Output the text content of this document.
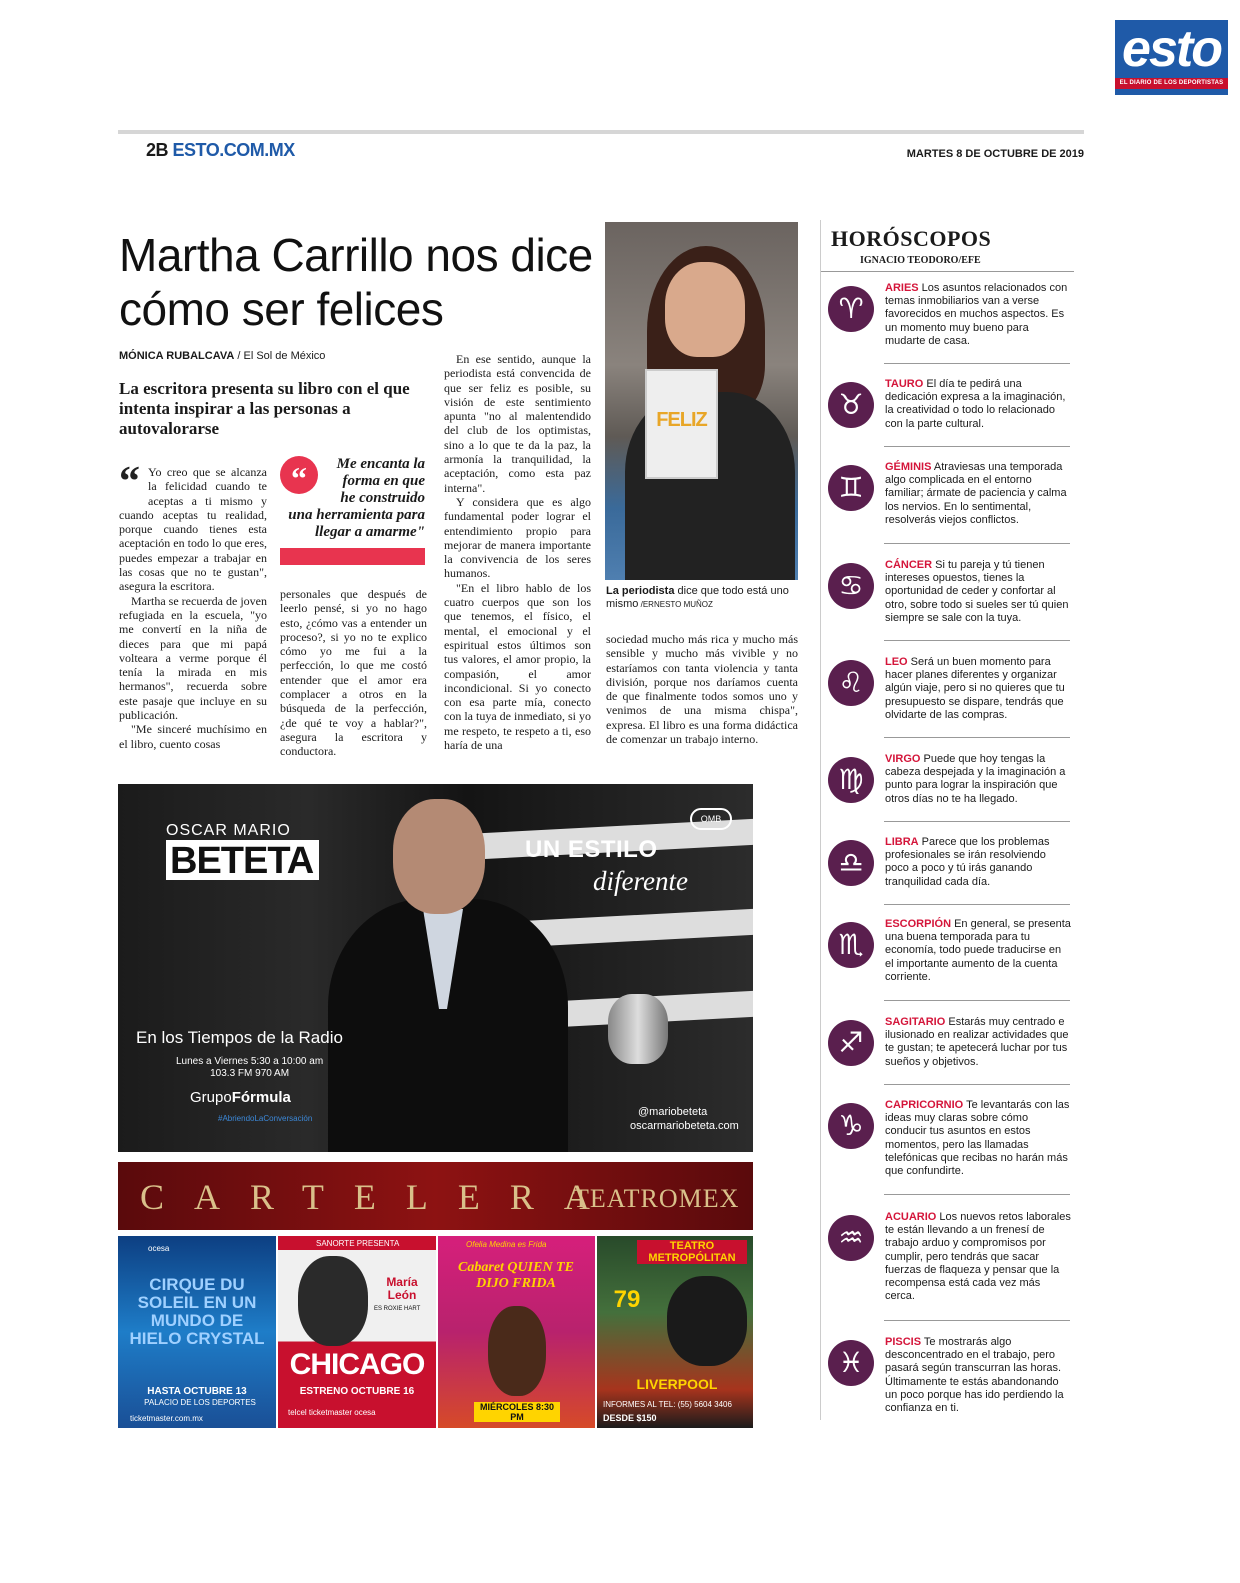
esto
EL DIARIO DE LOS DEPORTISTAS
2B ESTO.COM.MX	MARTES 8 DE OCTUBRE DE 2019
Martha Carrillo nos dice cómo ser felices
MÓNICA RUBALCAVA / El Sol de México
La escritora presenta su libro con el que intenta inspirar a las personas a autovalorarse
“ Yo creo que se alcanza la felicidad cuando te aceptas a ti mismo y cuando aceptas tu realidad, porque cuando tienes esta aceptación en todo lo que eres, puedes empezar a trabajar en las cosas que no te gustan", asegura la escritora.

Martha se recuerda de joven refugiada en la escuela, "yo me convertí en la niña de dieces para que mi papá volteara a verme porque él tenía la mirada en mis hermanos", recuerda sobre este pasaje que incluye en su publicación.

"Me sinceré muchísimo en el libro, cuento cosas

“	Me encanta la forma en que he construido una herramienta para llegar a amarme"

personales que después de leerlo pensé, si yo no hago esto, ¿cómo vas a entender un proceso?, si yo no te explico cómo yo me fui a la perfección, lo que me costó entender que el amor era complacer a otros en la búsqueda de la perfección, ¿de qué te voy a hablar?", asegura la escritora y conductora.

En ese sentido, aunque la periodista está convencida de que ser feliz es posible, su visión de este sentimiento apunta "no al malentendido del club de los optimistas, sino a lo que te da la paz, la armonía la tranquilidad, la aceptación, como esta paz interna".

Y considera que es algo fundamental poder lograr el entendimiento propio para mejorar de manera importante la convivencia de los seres humanos.

"En el libro hablo de los cuatro cuerpos que son los que tenemos, el físico, el mental, el emocional y el espiritual estos últimos son tus valores, el amor propio, la compasión, el amor incondicional. Si yo conecto con esa parte mía, conecto con la tuya de inmediato, si yo me respeto, te respeto a ti, eso haría de una

FELIZ
La periodista dice que todo está uno mismo /ERNESTO MUÑOZ

sociedad mucho más rica y mucho más sensible y mucho más vivible y no estaríamos con tanta violencia y tanta división, porque nos daríamos cuenta de que finalmente todos somos uno y venimos de una misma chispa", expresa. El libro es una forma didáctica de comenzar un trabajo interno.

HORÓSCOPOS
IGNACIO TEODORO/EFE
♈
ARIES Los asuntos relacionados con temas inmobiliarios van a verse favorecidos en muchos aspectos. Es un momento muy bueno para mudarte de casa.
♉
TAURO El día te pedirá una dedicación expresa a la imaginación, la creatividad o todo lo relacionado con la parte cultural.
♊
GÉMINIS Atraviesas una temporada algo complicada en el entorno familiar; ármate de paciencia y calma los nervios. En lo sentimental, resolverás viejos conflictos.
♋
CÁNCER Si tu pareja y tú tienen intereses opuestos, tienes la oportunidad de ceder y confortar al otro, sobre todo si sueles ser tú quien siempre se sale con la tuya.
♌
LEO Será un buen momento para hacer planes diferentes y organizar algún viaje, pero si no quieres que tu presupuesto se dispare, tendrás que olvidarte de las compras.
♍
VIRGO Puede que hoy tengas la cabeza despejada y la imaginación a punto para lograr la inspiración que otros días no te ha llegado.
♎
LIBRA Parece que los problemas profesionales se irán resolviendo poco a poco y tú irás ganando tranquilidad cada día.
♏
ESCORPIÓN En general, se presenta una buena temporada para tu economía, todo puede traducirse en el importante aumento de la cuenta corriente.
♐
SAGITARIO Estarás muy centrado e ilusionado en realizar actividades que te gustan; te apetecerá luchar por tus sueños y objetivos.
♑
CAPRICORNIO Te levantarás con las ideas muy claras sobre cómo conducir tus asuntos en estos momentos, pero las llamadas telefónicas que recibas no harán más que confundirte.
♒
ACUARIO Los nuevos retos laborales te están llevando a un frenesí de trabajo arduo y compromisos por cumplir, pero tendrás que sacar fuerzas de flaqueza y pensar que la recompensa está cada vez más cerca.
♓
PISCIS Te mostrarás algo desconcentrado en el trabajo, pero pasará según transcurran las horas. Últimamente te estás abandonando un poco porque has ido perdiendo la confianza en ti.
OSCAR MARIO
BETETA
OMB
UN ESTILO
diferente
En los Tiempos de la Radio
Lunes a Viernes 5:30 a 10:00 am
103.3 FM 970 AM
GrupoFórmula
#AbriendoLaConversación
@mariobeteta
oscarmariobeteta.com
CARTELERA
TEATROMEX
ocesa
CIRQUE DU SOLEIL EN UN MUNDO DE HIELO CRYSTAL
HASTA OCTUBRE 13
PALACIO DE LOS DEPORTES
ticketmaster.com.mx
SANORTE PRESENTA
María León
ES ROXIE HART
CHICAGO
ESTRENO OCTUBRE 16
telcel ticketmaster ocesa
Ofelia Medina es Frida
Cabaret QUIEN TE DIJO FRIDA
MIÉRCOLES 8:30 PM
TEATRO METROPÓLITAN
79
LIVERPOOL
INFORMES AL TEL: (55) 5604 3406
DESDE $150
